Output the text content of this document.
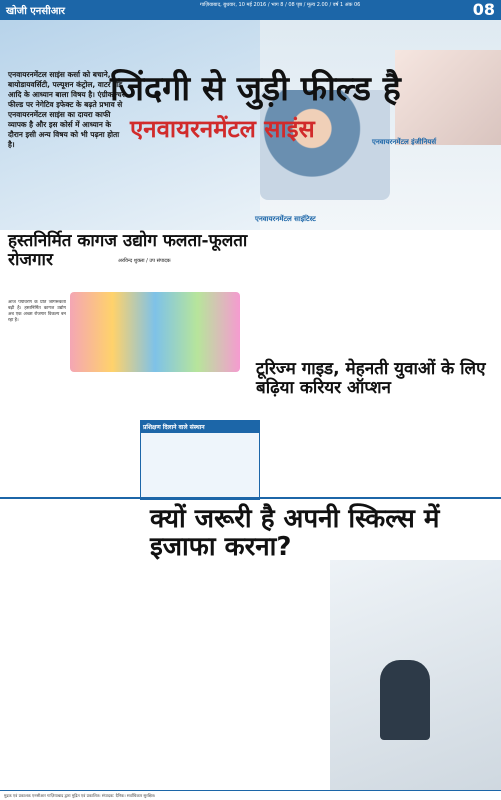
खोजी एनसीआर
गाज़ियाबाद, बुधवार, 10 मई 2016 / भाग 8 / 08 पृष्ठ / मूल्य 2.00 / वर्ष 1 अंक 06	08
एनवायरनमेंटल साइंस कर्सा को बचाने, बायोडायवर्सिटी, पल्यूशन कंट्रोल, वाटर शेड आदि के आध्यान बाला विषय है। एंग्रीकल्चर फील्ड पर नेगेटिव इफेक्ट के बढ़ते प्रभाव से एनवायरनमेंटल साइंस का दायरा काफी व्यापक है और इस कोर्स में आध्यान के दौरान इसी अन्य विषय को भी पढ़ना होता है।
जिंदगी से जुड़ी फील्ड है
एनवायरनमेंटल साइंस	एनवायरनमेंटल इंजीनियर्स
एनवायरनमेंटल साइंटिस्ट
हस्तनिर्मित कागज उद्योग फलता-फूलता रोजगार	अरविन्द शुक्ला / उप संपादक
आज पर्यावरण के प्रति जागरूकता बढ़ी है। हस्तनिर्मित कागज उद्योग अब एक अच्छा रोजगार विकल्प बन रहा है।
टूरिज्म गाइड, मेहनती युवाओं के लिए बढ़िया करियर ऑप्शन
प्रशिक्षण दिलाने वाले संस्थान
क्यों जरूरी है अपनी स्किल्स में इजाफा करना?
मुद्रक एवं प्रकाशक एनसीआर गाज़ियाबाद द्वारा मुद्रित एवं प्रकाशित। संपादक: दैनिक। सर्वाधिकार सुरक्षित।
